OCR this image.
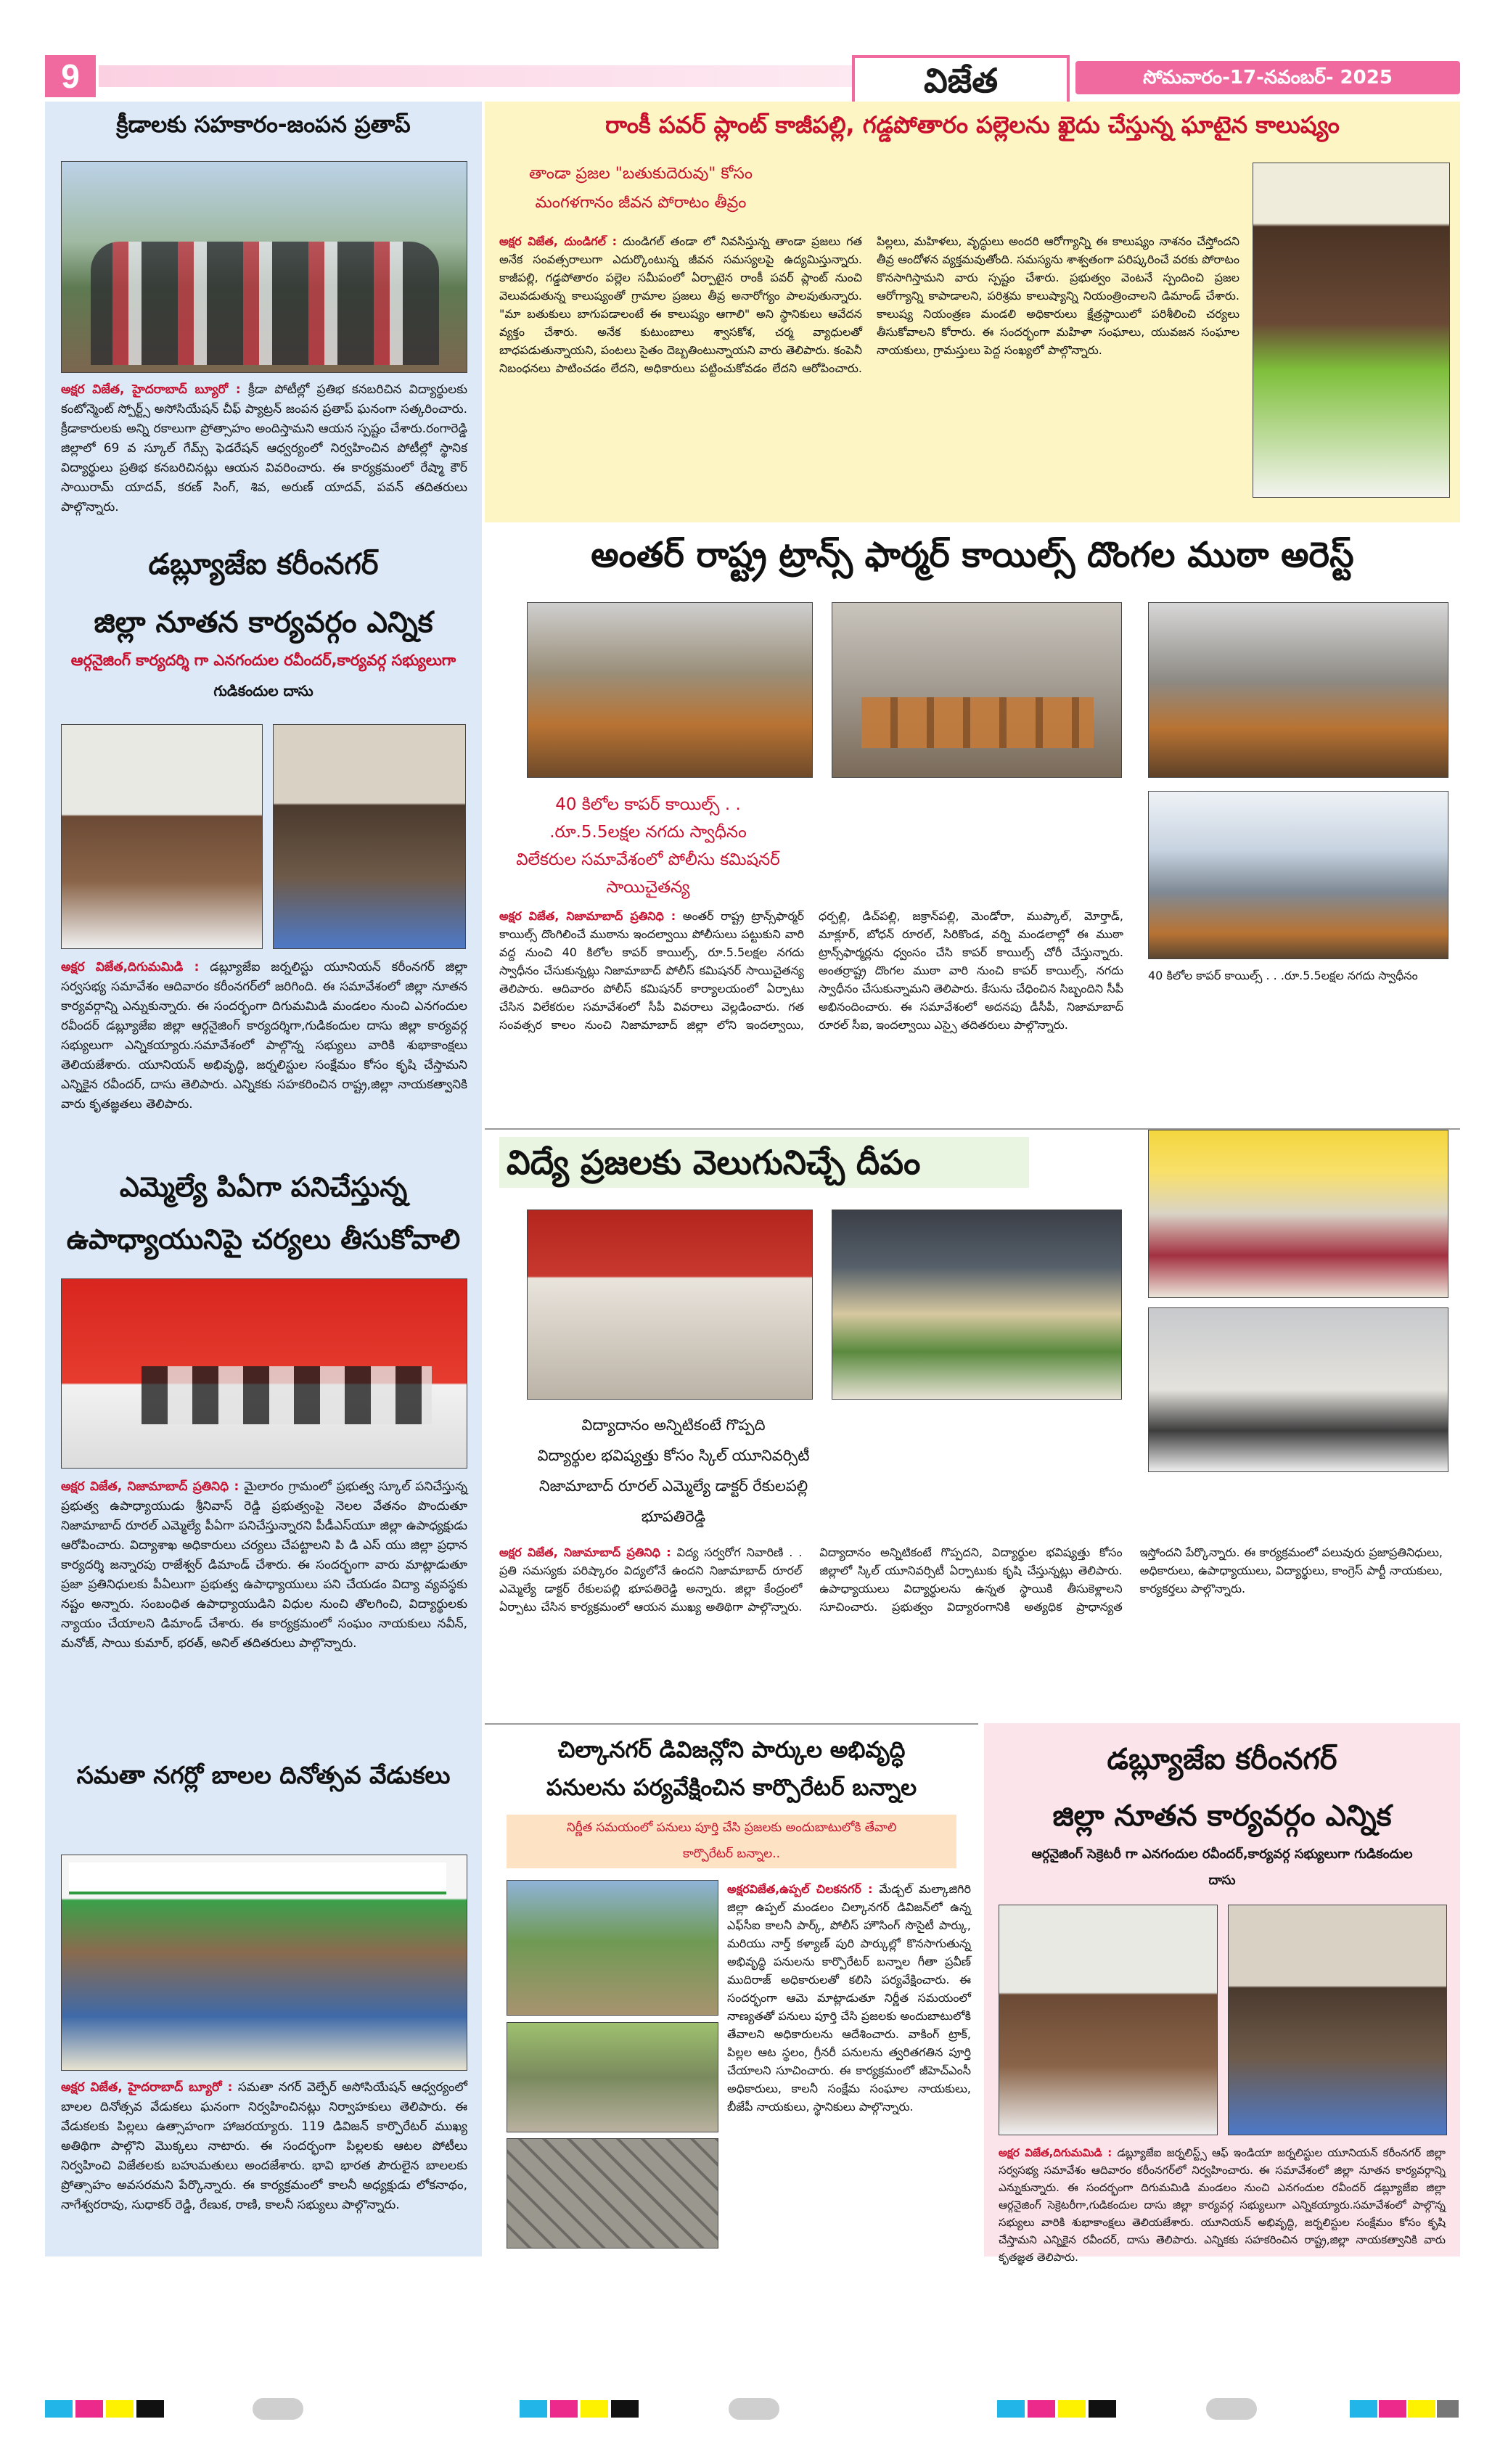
9	విజేత	సోమవారం-17-నవంబర్- 2025
క్రీడాలకు సహకారం-జంపన ప్రతాప్
అక్షర విజేత, హైదరాబాద్ బ్యూరో : క్రీడా పోటీల్లో ప్రతిభ కనబరిచిన విద్యార్థులకు కంటోన్మెంట్ స్పోర్ట్స్ అసోసియేషన్ చీఫ్ ప్యాట్రన్ జంపన ప్రతాప్ ఘనంగా సత్కరించారు. క్రీడాకారులకు అన్ని రకాలుగా ప్రోత్సాహం అందిస్తామని ఆయన స్పష్టం చేశారు.రంగారెడ్డి జిల్లాలో 69 వ స్కూల్ గేమ్స్ ఫెడరేషన్ ఆధ్వర్యంలో నిర్వహించిన పోటీల్లో స్థానిక విద్యార్థులు ప్రతిభ కనబరిచినట్లు ఆయన వివరించారు. ఈ కార్యక్రమంలో రేష్మా కౌర్ సాయిరామ్ యాదవ్, కరణ్ సింగ్, శివ, అరుణ్ యాదవ్, పవన్ తదితరులు పాల్గొన్నారు.
డబ్ల్యూజేఐ కరీంనగర్
జిల్లా నూతన కార్యవర్గం ఎన్నిక
ఆర్గనైజింగ్ కార్యదర్శి గా ఎనగందుల రవీందర్,కార్యవర్గ సభ్యులుగా
గుడికందుల దాసు
అక్షర విజేత,దిగుమమిడి : డబ్ల్యూజేఐ జర్నలిస్టు యూనియన్ కరీంనగర్ జిల్లా సర్వసభ్య సమావేశం ఆదివారం కరీంనగర్‌లో జరిగింది. ఈ సమావేశంలో జిల్లా నూతన కార్యవర్గాన్ని ఎన్నుకున్నారు. ఈ సందర్భంగా దిగుమమిడి మండలం నుంచి ఎనగందుల రవీందర్ డబ్ల్యూజేఐ జిల్లా ఆర్గనైజింగ్ కార్యదర్శిగా,గుడికందుల దాసు జిల్లా కార్యవర్గ సభ్యులుగా ఎన్నికయ్యారు.సమావేశంలో పాల్గొన్న సభ్యులు వారికి శుభాకాంక్షలు తెలియజేశారు. యూనియన్ అభివృద్ధి, జర్నలిస్టుల సంక్షేమం కోసం కృషి చేస్తామని ఎన్నికైన రవీందర్, దాసు తెలిపారు. ఎన్నికకు సహకరించిన రాష్ట్ర,జిల్లా నాయకత్వానికి వారు కృతజ్ఞతలు తెలిపారు.
ఎమ్మెల్యే పిఏగా పనిచేస్తున్న
ఉపాధ్యాయునిపై చర్యలు తీసుకోవాలి
అక్షర విజేత, నిజామాబాద్ ప్రతినిధి : మైలారం గ్రామంలో ప్రభుత్వ స్కూల్ పనిచేస్తున్న ప్రభుత్వ ఉపాధ్యాయుడు శ్రీనివాస్ రెడ్డి ప్రభుత్వంపై నెలల వేతనం పొందుతూ నిజామాబాద్ రూరల్ ఎమ్మెల్యే పీఏగా పనిచేస్తున్నారని పీడీఎస్‌యూ జిల్లా ఉపాధ్యక్షుడు ఆరోపించారు. విద్యాశాఖ అధికారులు చర్యలు చేపట్టాలని పి డి ఎస్ యు జిల్లా ప్రధాన కార్యదర్శి జన్నారపు రాజేశ్వర్ డిమాండ్ చేశారు. ఈ సందర్భంగా వారు మాట్లాడుతూ ప్రజా ప్రతినిధులకు పీఏలుగా ప్రభుత్వ ఉపాధ్యాయులు పని చేయడం విద్యా వ్యవస్థకు నష్టం అన్నారు. సంబంధిత ఉపాధ్యాయుడిని విధుల నుంచి తొలగించి, విద్యార్థులకు న్యాయం చేయాలని డిమాండ్ చేశారు. ఈ కార్యక్రమంలో సంఘం నాయకులు నవీన్, మనోజ్, సాయి కుమార్, భరత్, అనిల్ తదితరులు పాల్గొన్నారు.
సమతా నగర్లో బాలల దినోత్సవ వేడుకలు
అక్షర విజేత, హైదరాబాద్ బ్యూరో : సమతా నగర్ వెల్ఫేర్ అసోసియేషన్ ఆధ్వర్యంలో బాలల దినోత్సవ వేడుకలు ఘనంగా నిర్వహించినట్లు నిర్వాహకులు తెలిపారు. ఈ వేడుకలకు పిల్లలు ఉత్సాహంగా హాజరయ్యారు. 119 డివిజన్ కార్పొరేటర్ ముఖ్య అతిథిగా పాల్గొని మొక్కలు నాటారు. ఈ సందర్భంగా పిల్లలకు ఆటల పోటీలు నిర్వహించి విజేతలకు బహుమతులు అందజేశారు. భావి భారత పౌరులైన బాలలకు ప్రోత్సాహం అవసరమని పేర్కొన్నారు. ఈ కార్యక్రమంలో కాలనీ అధ్యక్షుడు లోకనాథం, నాగేశ్వరరావు, సుధాకర్ రెడ్డి, రేణుక, రాణి, కాలనీ సభ్యులు పాల్గొన్నారు.
రాంకీ పవర్ ప్లాంట్ కాజీపల్లి, గడ్డపోతారం పల్లెలను ఖైదు చేస్తున్న ఘాటైన కాలుష్యం
తాండా ప్రజల "బతుకుదెరువు" కోసం
మంగళగానం జీవన పోరాటం తీవ్రం
అక్షర విజేత, దుండిగల్ : దుండిగల్ తండా లో నివసిస్తున్న తాండా ప్రజలు గత అనేక సంవత్సరాలుగా ఎదుర్కొంటున్న జీవన సమస్యలపై ఉద్యమిస్తున్నారు. కాజీపల్లి, గడ్డపోతారం పల్లెల సమీపంలో ఏర్పాటైన రాంకీ పవర్ ప్లాంట్ నుంచి వెలువడుతున్న కాలుష్యంతో గ్రామాల ప్రజలు తీవ్ర అనారోగ్యం పాలవుతున్నారు. "మా బతుకులు బాగుపడాలంటే ఈ కాలుష్యం ఆగాలి" అని స్థానికులు ఆవేదన వ్యక్తం చేశారు. అనేక కుటుంబాలు శ్వాసకోశ, చర్మ వ్యాధులతో బాధపడుతున్నాయని, పంటలు సైతం దెబ్బతింటున్నాయని వారు తెలిపారు. కంపెనీ నిబంధనలు పాటించడం లేదని, అధికారులు పట్టించుకోవడం లేదని ఆరోపించారు. పిల్లలు, మహిళలు, వృద్ధులు అందరి ఆరోగ్యాన్ని ఈ కాలుష్యం నాశనం చేస్తోందని తీవ్ర ఆందోళన వ్యక్తమవుతోంది. సమస్యను శాశ్వతంగా పరిష్కరించే వరకు పోరాటం కొనసాగిస్తామని వారు స్పష్టం చేశారు. ప్రభుత్వం వెంటనే స్పందించి ప్రజల ఆరోగ్యాన్ని కాపాడాలని, పరిశ్రమ కాలుష్యాన్ని నియంత్రించాలని డిమాండ్ చేశారు. కాలుష్య నియంత్రణ మండలి అధికారులు క్షేత్రస్థాయిలో పరిశీలించి చర్యలు తీసుకోవాలని కోరారు. ఈ సందర్భంగా మహిళా సంఘాలు, యువజన సంఘాల నాయకులు, గ్రామస్తులు పెద్ద సంఖ్యలో పాల్గొన్నారు.
అంతర్ రాష్ట్ర ట్రాన్స్ ఫార్మర్ కాయిల్స్ దొంగల ముఠా అరెస్ట్
40 కిలోల కాపర్ కాయిల్స్ . .
.రూ.5.5లక్షల నగదు స్వాధీనం
విలేకరుల సమావేశంలో పోలీసు కమిషనర్
సాయిచైతన్య
అక్షర విజేత, నిజామాబాద్ ప్రతినిధి : అంతర్ రాష్ట్ర ట్రాన్స్‌ఫార్మర్ కాయిల్స్ దొంగిలించే ముఠాను ఇందల్వాయి పోలీసులు పట్టుకుని వారి వద్ద నుంచి 40 కిలోల కాపర్ కాయిల్స్, రూ.5.5లక్షల నగదు స్వాధీనం చేసుకున్నట్లు నిజామాబాద్ పోలీస్ కమిషనర్ సాయిచైతన్య తెలిపారు. ఆదివారం పోలీస్ కమిషనర్ కార్యాలయంలో ఏర్పాటు చేసిన విలేకరుల సమావేశంలో సీపీ వివరాలు వెల్లడించారు. గత సంవత్సర కాలం నుంచి నిజామాబాద్ జిల్లా లోని ఇందల్వాయి, ధర్పల్లి, డిచ్‌పల్లి, జక్రాన్‌పల్లి, మెండోరా, ముప్కాల్, మోర్తాడ్, మాక్లూర్, బోధన్ రూరల్, సిరికొండ, వర్ని మండలాల్లో ఈ ముఠా ట్రాన్స్‌ఫార్మర్లను ధ్వంసం చేసి కాపర్ కాయిల్స్ చోరీ చేస్తున్నారు. అంతర్రాష్ట్ర దొంగల ముఠా వారి నుంచి కాపర్ కాయిల్స్, నగదు స్వాధీనం చేసుకున్నామని తెలిపారు. కేసును చేధించిన సిబ్బందిని సీపీ అభినందించారు. ఈ సమావేశంలో అదనపు డీసీపీ, నిజామాబాద్ రూరల్ సీఐ, ఇందల్వాయి ఎస్సై తదితరులు పాల్గొన్నారు.
40 కిలోల కాపర్ కాయిల్స్ . . .రూ.5.5లక్షల నగదు స్వాధీనం
విద్యే ప్రజలకు వెలుగునిచ్చే దీపం
విద్యాదానం అన్నిటికంటే గొప్పది
విద్యార్థుల భవిష్యత్తు కోసం స్కిల్ యూనివర్సిటీ
నిజామాబాద్ రూరల్ ఎమ్మెల్యే డాక్టర్ రేకులపల్లి
భూపతిరెడ్డి
అక్షర విజేత, నిజామాబాద్ ప్రతినిధి : విద్య సర్వరోగ నివారిణి . . ప్రతి సమస్యకు పరిష్కారం విద్యలోనే ఉందని నిజామాబాద్ రూరల్ ఎమ్మెల్యే డాక్టర్ రేకులపల్లి భూపతిరెడ్డి అన్నారు. జిల్లా కేంద్రంలో ఏర్పాటు చేసిన కార్యక్రమంలో ఆయన ముఖ్య అతిథిగా పాల్గొన్నారు. విద్యాదానం అన్నిటికంటే గొప్పదని, విద్యార్థుల భవిష్యత్తు కోసం జిల్లాలో స్కిల్ యూనివర్సిటీ ఏర్పాటుకు కృషి చేస్తున్నట్లు తెలిపారు. ఉపాధ్యాయులు విద్యార్థులను ఉన్నత స్థాయికి తీసుకెళ్లాలని సూచించారు. ప్రభుత్వం విద్యారంగానికి అత్యధిక ప్రాధాన్యత ఇస్తోందని పేర్కొన్నారు. ఈ కార్యక్రమంలో పలువురు ప్రజాప్రతినిధులు, అధికారులు, ఉపాధ్యాయులు, విద్యార్థులు, కాంగ్రెస్ పార్టీ నాయకులు, కార్యకర్తలు పాల్గొన్నారు.
చిల్కానగర్ డివిజన్లోని పార్కుల అభివృద్ధి
పనులను పర్యవేక్షించిన కార్పొరేటర్ బన్నాల
నిర్ణీత సమయంలో పనులు పూర్తి చేసి ప్రజలకు అందుబాటులోకి తేవాలి
కార్పొరేటర్ బన్నాల..
అక్షరవిజేత,ఉప్పల్ చిలకనగర్ : మేడ్చల్ మల్కాజిగిరి జిల్లా ఉప్పల్ మండలం చిల్కానగర్ డివిజన్‌లో ఉన్న ఎఫ్‌సీఐ కాలనీ పార్క్, పోలీస్ హౌసింగ్ సొసైటీ పార్కు, మరియు నార్త్ కళ్యాణ్ పురి పార్కుల్లో కొనసాగుతున్న అభివృద్ధి పనులను కార్పొరేటర్ బన్నాల గీతా ప్రవీణ్ ముదిరాజ్ అధికారులతో కలిసి పర్యవేక్షించారు. ఈ సందర్భంగా ఆమె మాట్లాడుతూ నిర్ణీత సమయంలో నాణ్యతతో పనులు పూర్తి చేసి ప్రజలకు అందుబాటులోకి తేవాలని అధికారులను ఆదేశించారు. వాకింగ్ ట్రాక్, పిల్లల ఆట స్థలం, గ్రీనరీ పనులను త్వరితగతిన పూర్తి చేయాలని సూచించారు. ఈ కార్యక్రమంలో జీహెచ్ఎంసీ అధికారులు, కాలనీ సంక్షేమ సంఘాల నాయకులు, బీజేపీ నాయకులు, స్థానికులు పాల్గొన్నారు.
డబ్ల్యూజేఐ కరీంనగర్
జిల్లా నూతన కార్యవర్గం ఎన్నిక
ఆర్గనైజింగ్ సెక్రెటరీ గా ఎనగందుల రవీందర్,కార్యవర్గ సభ్యులుగా గుడికందుల
దాసు
అక్షర విజేత,దిగుమమిడి : డబ్ల్యూజేఐ జర్నలిస్ట్స్ ఆఫ్ ఇండియా జర్నలిస్టుల యూనియన్ కరీంనగర్ జిల్లా సర్వసభ్య సమావేశం ఆదివారం కరీంనగర్‌లో నిర్వహించారు. ఈ సమావేశంలో జిల్లా నూతన కార్యవర్గాన్ని ఎన్నుకున్నారు. ఈ సందర్భంగా దిగుమమిడి మండలం నుంచి ఎనగందుల రవీందర్ డబ్ల్యూజేఐ జిల్లా ఆర్గనైజింగ్ సెక్రెటరీగా,గుడికందుల దాసు జిల్లా కార్యవర్గ సభ్యులుగా ఎన్నికయ్యారు.సమావేశంలో పాల్గొన్న సభ్యులు వారికి శుభాకాంక్షలు తెలియజేశారు. యూనియన్ అభివృద్ధి, జర్నలిస్టుల సంక్షేమం కోసం కృషి చేస్తామని ఎన్నికైన రవీందర్, దాసు తెలిపారు. ఎన్నికకు సహకరించిన రాష్ట్ర,జిల్లా నాయకత్వానికి వారు కృతజ్ఞత తెలిపారు.
